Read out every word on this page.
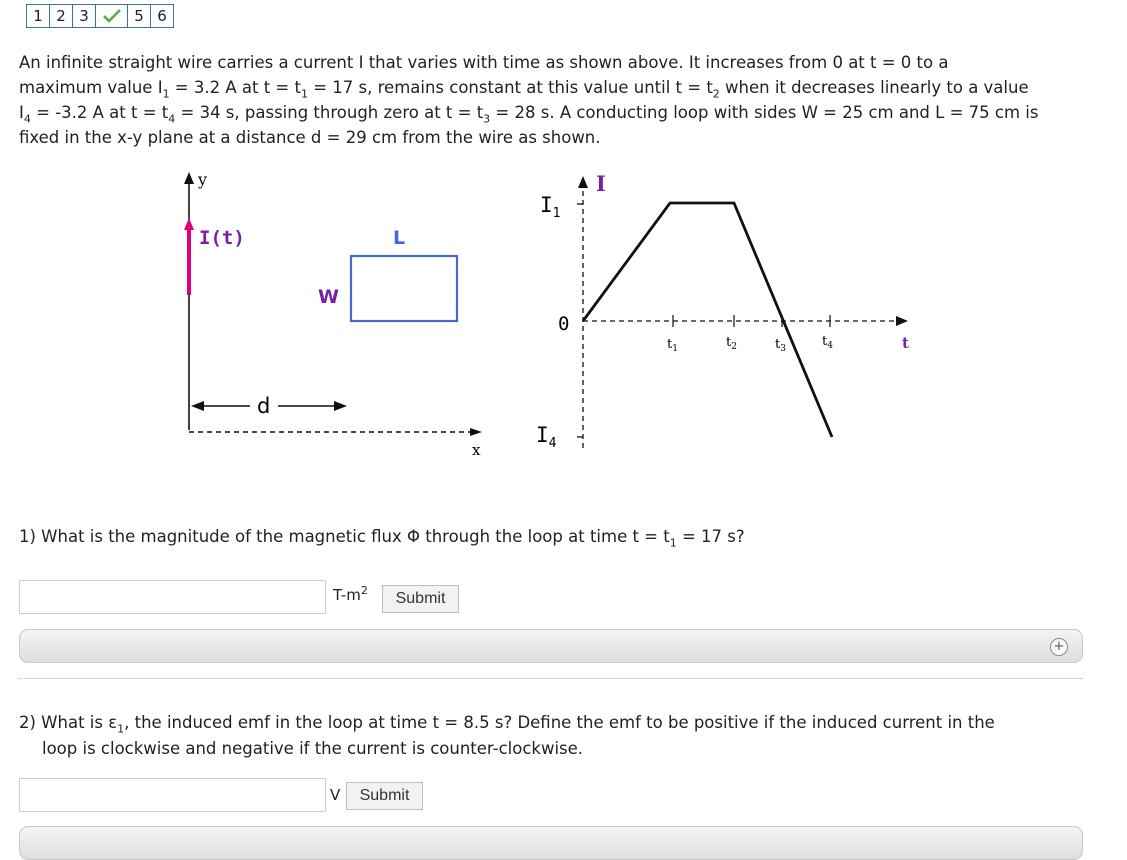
1 2 3	5 6
An infinite straight wire carries a current I that varies with time as shown above. It increases from 0 at t = 0 to a
maximum value $I_1 = 3.2$ A at $t = t_1 = 17$ s, remains constant at this value until $t = t_2$ when it decreases linearly to a value
$I_4 = -3.2$ A at $t = t_4 = 34$ s, passing through zero at $t = t_3 = 28$ s. A conducting loop with sides W = 25 cm and L = 75 cm is
fixed in the x-y plane at a distance d = 29 cm from the wire as shown.
y
x
I(t)	L
W
d
I
t
$I_1$
0
$I_4$
$t_1$	$t_2$	$t_3$	$t_4$
1) What is the magnitude of the magnetic flux Φ through the loop at time $t = t_1 = 17$ s?
$T-m^2$	Submit
+
2) What is $\varepsilon_1$, the induced emf in the loop at time t = 8.5 s? Define the emf to be positive if the induced current in the
loop is clockwise and negative if the current is counter-clockwise.
V	Submit
